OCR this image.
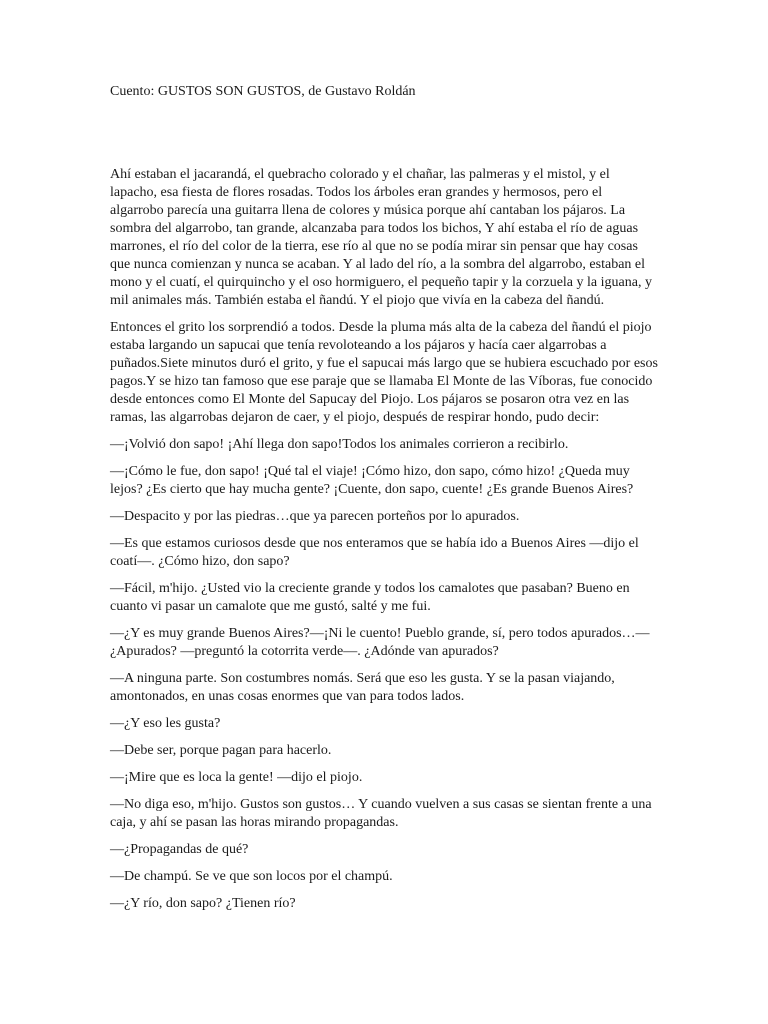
Cuento: GUSTOS SON GUSTOS, de Gustavo Roldán

Ahí estaban el jacarandá, el quebracho colorado y el chañar, las palmeras y el mistol, y el lapacho, esa fiesta de flores rosadas. Todos los árboles eran grandes y hermosos, pero el algarrobo parecía una guitarra llena de colores y música porque ahí cantaban los pájaros. La sombra del algarrobo, tan grande, alcanzaba para todos los bichos, Y ahí estaba el río de aguas marrones, el río del color de la tierra, ese río al que no se podía mirar sin pensar que hay cosas que nunca comienzan y nunca se acaban. Y al lado del río, a la sombra del algarrobo, estaban el mono y el cuatí, el quirquincho y el oso hormiguero, el pequeño tapir y la corzuela y la iguana, y mil animales más. También estaba el ñandú. Y el piojo que vivía en la cabeza del ñandú.

Entonces el grito los sorprendió a todos. Desde la pluma más alta de la cabeza del ñandú el piojo estaba largando un sapucai que tenía revoloteando a los pájaros y hacía caer algarrobas a puñados.Siete minutos duró el grito, y fue el sapucai más largo que se hubiera escuchado por esos pagos.Y se hizo tan famoso que ese paraje que se llamaba El Monte de las Víboras, fue conocido desde entonces como El Monte del Sapucay del Piojo. Los pájaros se posaron otra vez en las ramas, las algarrobas dejaron de caer, y el piojo, después de respirar hondo, pudo decir:

—¡Volvió don sapo! ¡Ahí llega don sapo!Todos los animales corrieron a recibirlo.

—¡Cómo le fue, don sapo! ¡Qué tal el viaje! ¡Cómo hizo, don sapo, cómo hizo! ¿Queda muy lejos? ¿Es cierto que hay mucha gente? ¡Cuente, don sapo, cuente! ¿Es grande Buenos Aires?

—Despacito y por las piedras…que ya parecen porteños por lo apurados.

—Es que estamos curiosos desde que nos enteramos que se había ido a Buenos Aires —dijo el coatí—. ¿Cómo hizo, don sapo?

—Fácil, m'hijo. ¿Usted vio la creciente grande y todos los camalotes que pasaban? Bueno en cuanto vi pasar un camalote que me gustó, salté y me fui.

—¿Y es muy grande Buenos Aires?—¡Ni le cuento! Pueblo grande, sí, pero todos apurados…—¿Apurados? —preguntó la cotorrita verde—. ¿Adónde van apurados?

—A ninguna parte. Son costumbres nomás. Será que eso les gusta. Y se la pasan viajando, amontonados, en unas cosas enormes que van para todos lados.

—¿Y eso les gusta?

—Debe ser, porque pagan para hacerlo.

—¡Mire que es loca la gente! —dijo el piojo.

—No diga eso, m'hijo. Gustos son gustos… Y cuando vuelven a sus casas se sientan frente a una caja, y ahí se pasan las horas mirando propagandas.

—¿Propagandas de qué?

—De champú. Se ve que son locos por el champú.

—¿Y río, don sapo? ¿Tienen río?
